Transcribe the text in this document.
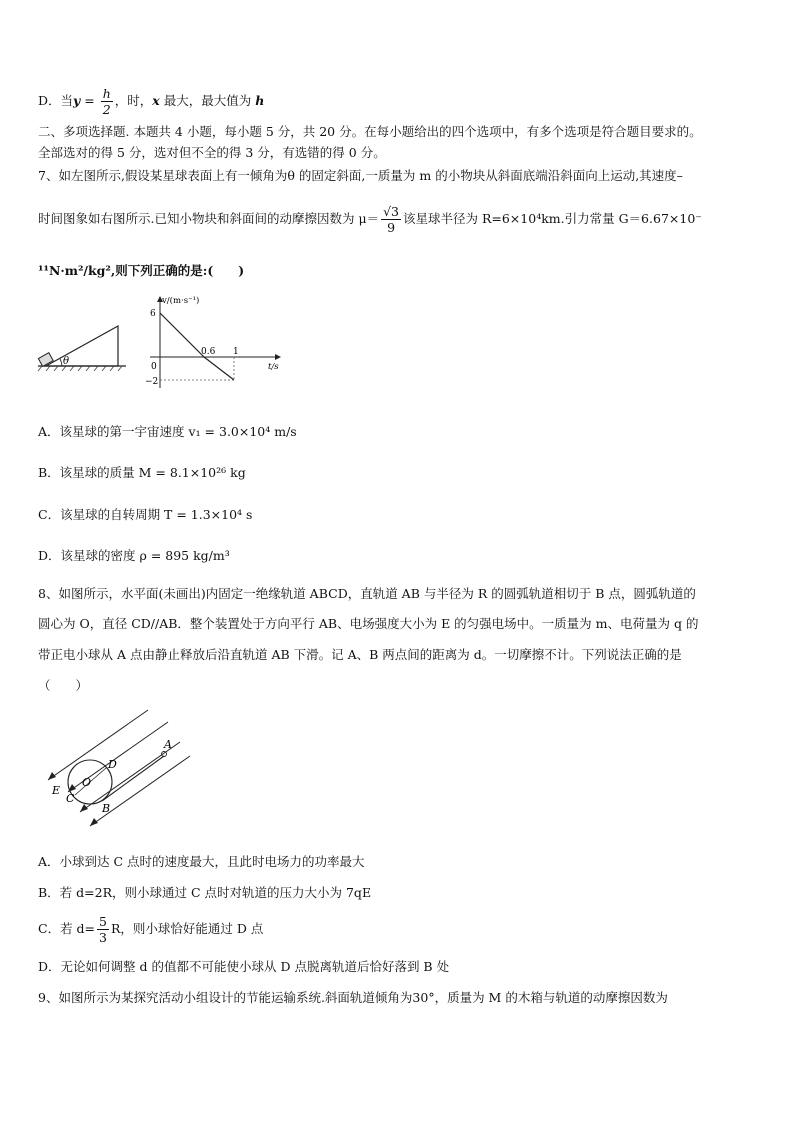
D．当$y = \frac{h}{2}$ ，时，x 最大，最大值为 h
二、多项选择题. 本题共 4 小题，每小题 5 分，共 20 分。在每小题给出的四个选项中，有多个选项是符合题目要求的。
全部选对的得 5 分，选对但不全的得 3 分，有选错的得 0 分。
7、如左图所示,假设某星球表面上有一倾角为θ 的固定斜面,一质量为 m 的小物块从斜面底端沿斜面向上运动,其速度–
时间图象如右图所示.已知小物块和斜面间的动摩擦因数为 $\mu= \frac{√3}{9}$ 该星球半径为 R=6×10⁴km.引力常量 G＝6.67×10⁻
¹¹N·m²/kg²,则下列正确的是:(　　)
θ
v/(m·s⁻¹)
t/s
6
0
−2
0.6 1
A．该星球的第一宇宙速度 v₁ = 3.0×10⁴ m/s
B．该星球的质量 M = 8.1×10²⁶ kg
C．该星球的自转周期 T = 1.3×10⁴ s
D．该星球的密度 ρ = 895 kg/m³
8、如图所示，水平面(未画出)内固定一绝缘轨道 ABCD，直轨道 AB 与半径为 R 的圆弧轨道相切于 B 点，圆弧轨道的
圆心为 O，直径 CD//AB．整个装置处于方向平行 AB、电场强度大小为 E 的匀强电场中。一质量为 m、电荷量为 q 的
带正电小球从 A 点由静止释放后沿直轨道 AB 下滑。记 A、B 两点间的距离为 d。一切摩擦不计。下列说法正确的是
（　　）
A
B
C
D
O
E
A．小球到达 C 点时的速度最大，且此时电场力的功率最大
B．若 d=2R，则小球通过 C 点时对轨道的压力大小为 7qE
C．若 $d= \frac{5}{3}$ R，则小球恰好能通过 D 点
D．无论如何调整 d 的值都不可能使小球从 D 点脱离轨道后恰好落到 B 处
9、如图所示为某探究活动小组设计的节能运输系统.斜面轨道倾角为30°，质量为 M 的木箱与轨道的动摩擦因数为
